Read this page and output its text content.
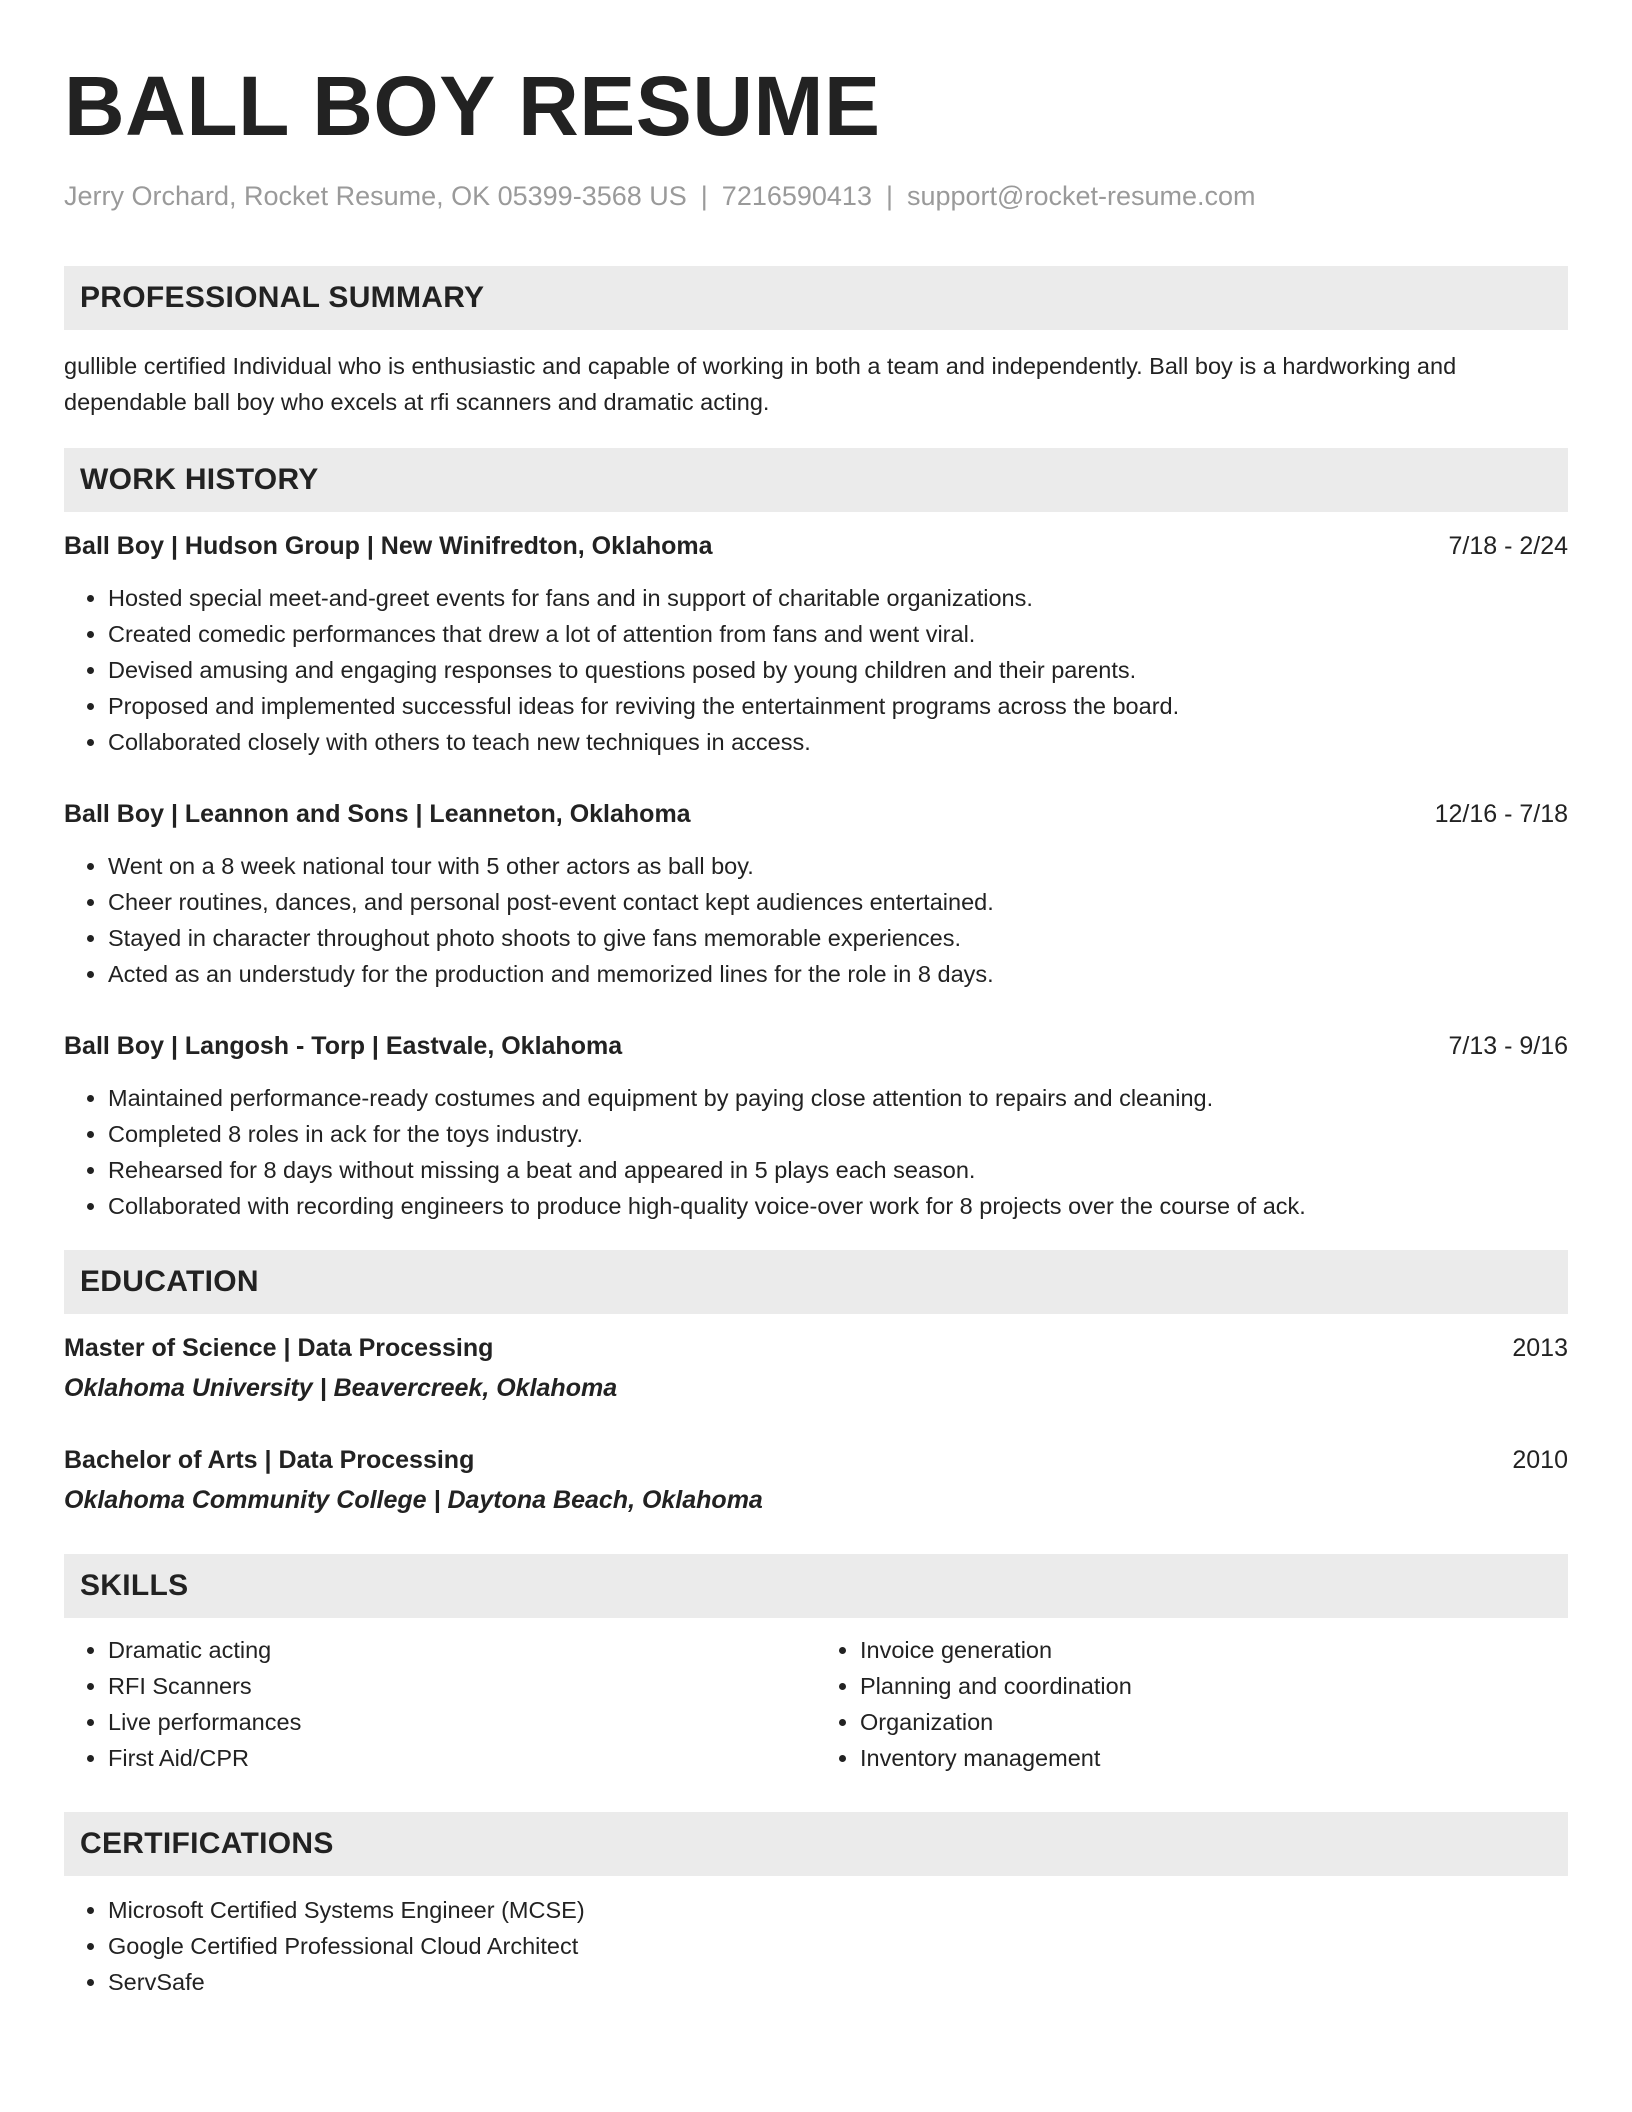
BALL BOY RESUME
Jerry Orchard, Rocket Resume, OK 05399-3568 US | 7216590413 | support@rocket-resume.com
PROFESSIONAL SUMMARY

gullible certified Individual who is enthusiastic and capable of working in both a team and independently. Ball boy is a hardworking and dependable ball boy who excels at rfi scanners and dramatic acting.

WORK HISTORY
Ball Boy | Hudson Group | New Winifredton, Oklahoma	7/18 - 2/24
• Hosted special meet-and-greet events for fans and in support of charitable organizations.
• Created comedic performances that drew a lot of attention from fans and went viral.
• Devised amusing and engaging responses to questions posed by young children and their parents.
• Proposed and implemented successful ideas for reviving the entertainment programs across the board.
• Collaborated closely with others to teach new techniques in access.
Ball Boy | Leannon and Sons | Leanneton, Oklahoma	12/16 - 7/18
• Went on a 8 week national tour with 5 other actors as ball boy.
• Cheer routines, dances, and personal post-event contact kept audiences entertained.
• Stayed in character throughout photo shoots to give fans memorable experiences.
• Acted as an understudy for the production and memorized lines for the role in 8 days.
Ball Boy | Langosh - Torp | Eastvale, Oklahoma	7/13 - 9/16
• Maintained performance-ready costumes and equipment by paying close attention to repairs and cleaning.
• Completed 8 roles in ack for the toys industry.
• Rehearsed for 8 days without missing a beat and appeared in 5 plays each season.
• Collaborated with recording engineers to produce high-quality voice-over work for 8 projects over the course of ack.
EDUCATION
Master of Science | Data Processing	2013
Oklahoma University | Beavercreek, Oklahoma
Bachelor of Arts | Data Processing	2010
Oklahoma Community College | Daytona Beach, Oklahoma
SKILLS
• Dramatic acting
• RFI Scanners
• Live performances
• First Aid/CPR
• Invoice generation
• Planning and coordination
• Organization
• Inventory management
CERTIFICATIONS
• Microsoft Certified Systems Engineer (MCSE)
• Google Certified Professional Cloud Architect
• ServSafe
